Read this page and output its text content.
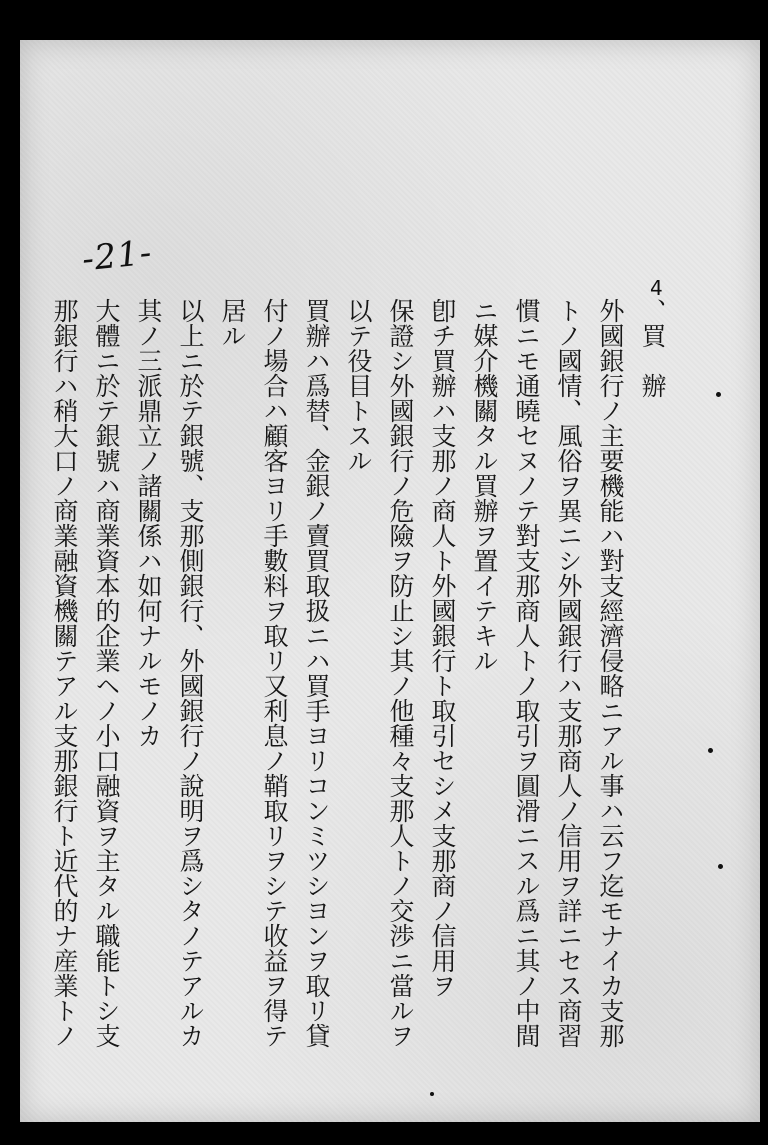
-21-
4
、買　辦
外國銀行ノ主要機能ハ對支經濟侵略ニアル事ハ云フ迄モナイカ支那
トノ國情、風俗ヲ異ニシ外國銀行ハ支那商人ノ信用ヲ詳ニセス商習
慣ニモ通曉セヌノテ對支那商人トノ取引ヲ圓滑ニスル爲ニ其ノ中間
ニ媒介機關タル買辦ヲ置イテキル
卽チ買辦ハ支那ノ商人ト外國銀行ト取引セシメ支那商ノ信用ヲ
保證シ外國銀行ノ危險ヲ防止シ其ノ他種々支那人トノ交渉ニ當ルヲ
以テ役目トスル
買辦ハ爲替、金銀ノ賣買取扱ニハ買手ヨリコンミツシヨンヲ取リ貸
付ノ場合ハ顧客ヨリ手數料ヲ取リ又利息ノ鞘取リヲシテ收益ヲ得テ
居ル
以上ニ於テ銀號、支那側銀行、外國銀行ノ說明ヲ爲シタノテアルカ
其ノ三派鼎立ノ諸關係ハ如何ナルモノカ
大體ニ於テ銀號ハ商業資本的企業ヘノ小口融資ヲ主タル職能トシ支
那銀行ハ稍大口ノ商業融資機關テアル支那銀行ト近代的ナ産業トノ
